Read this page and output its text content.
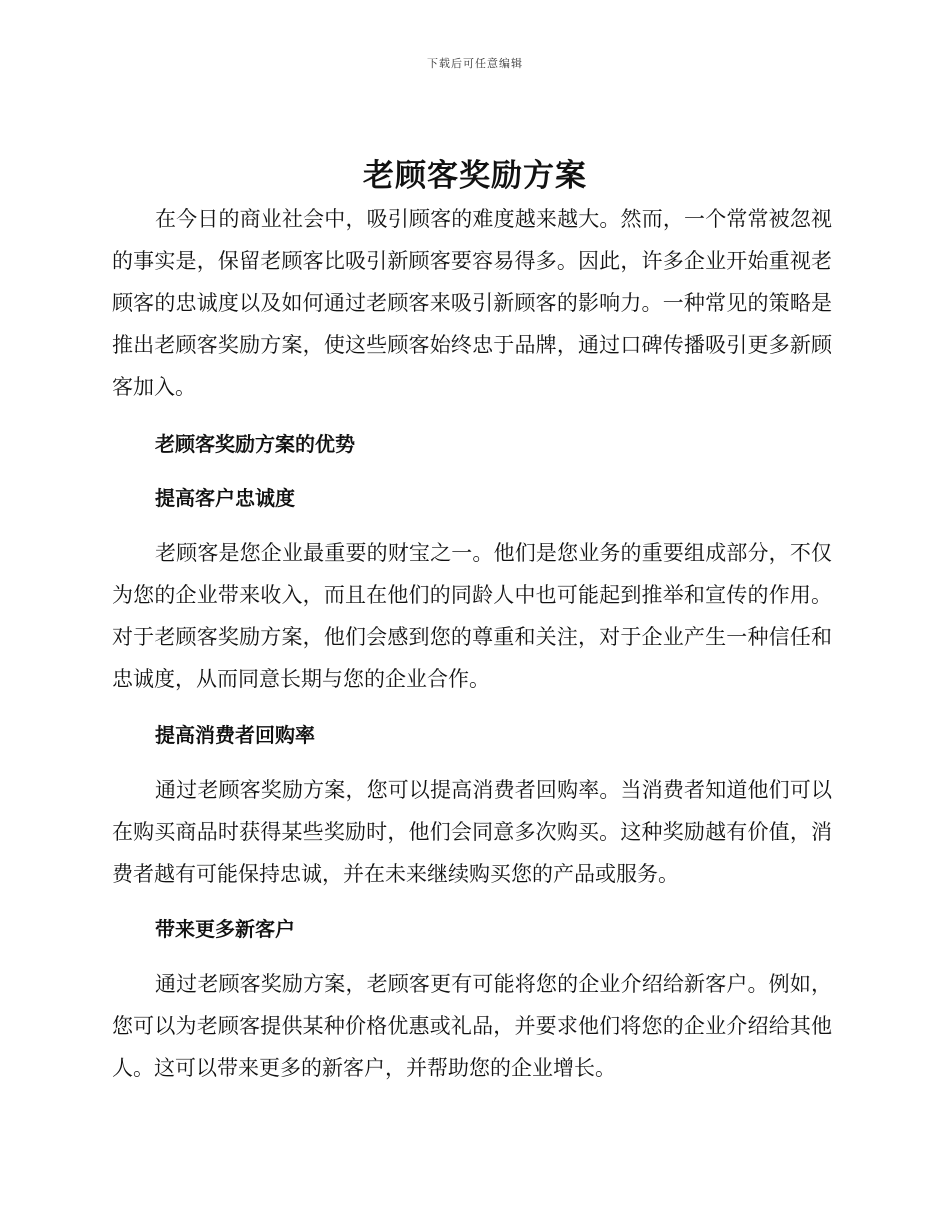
下载后可任意编辑
老顾客奖励方案

在今日的商业社会中，吸引顾客的难度越来越大。然而，一个常常被忽视的事实是，保留老顾客比吸引新顾客要容易得多。因此，许多企业开始重视老顾客的忠诚度以及如何通过老顾客来吸引新顾客的影响力。一种常见的策略是推出老顾客奖励方案，使这些顾客始终忠于品牌，通过口碑传播吸引更多新顾客加入。

老顾客奖励方案的优势
提高客户忠诚度

老顾客是您企业最重要的财宝之一。他们是您业务的重要组成部分，不仅为您的企业带来收入，而且在他们的同龄人中也可能起到推举和宣传的作用。对于老顾客奖励方案，他们会感到您的尊重和关注，对于企业产生一种信任和忠诚度，从而同意长期与您的企业合作。

提高消费者回购率

通过老顾客奖励方案，您可以提高消费者回购率。当消费者知道他们可以在购买商品时获得某些奖励时，他们会同意多次购买。这种奖励越有价值，消费者越有可能保持忠诚，并在未来继续购买您的产品或服务。

带来更多新客户

通过老顾客奖励方案，老顾客更有可能将您的企业介绍给新客户。例如，您可以为老顾客提供某种价格优惠或礼品，并要求他们将您的企业介绍给其他人。这可以带来更多的新客户，并帮助您的企业增长。
